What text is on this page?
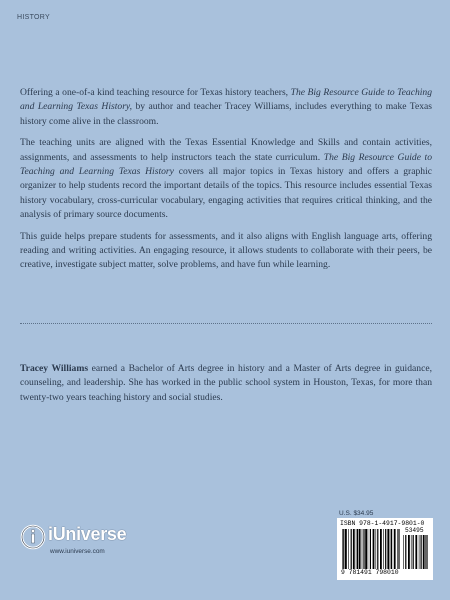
HISTORY

Offering a one-of-a kind teaching resource for Texas history teachers, The Big Resource Guide to Teaching and Learning Texas History, by author and teacher Tracey Williams, includes everything to make Texas history come alive in the classroom.

The teaching units are aligned with the Texas Essential Knowledge and Skills and contain activities, assignments, and assessments to help instructors teach the state curriculum. The Big Resource Guide to Teaching and Learning Texas History covers all major topics in Texas history and offers a graphic organizer to help students record the important details of the topics. This resource includes essential Texas history vocabulary, cross-curricular vocabulary, engaging activities that requires critical thinking, and the analysis of primary source documents.

This guide helps prepare students for assessments, and it also aligns with English language arts, offering reading and writing activities. An engaging resource, it allows students to collaborate with their peers, be creative, investigate subject matter, solve problems, and have fun while learning.

Tracey Williams earned a Bachelor of Arts degree in history and a Master of Arts degree in guidance, counseling, and leadership. She has worked in the public school system in Houston, Texas, for more than twenty-two years teaching history and social studies.
iUniverse
www.iuniverse.com
U.S. $34.95
ISBN 978-1-4917-9801-0
53495
9 781491 798010
